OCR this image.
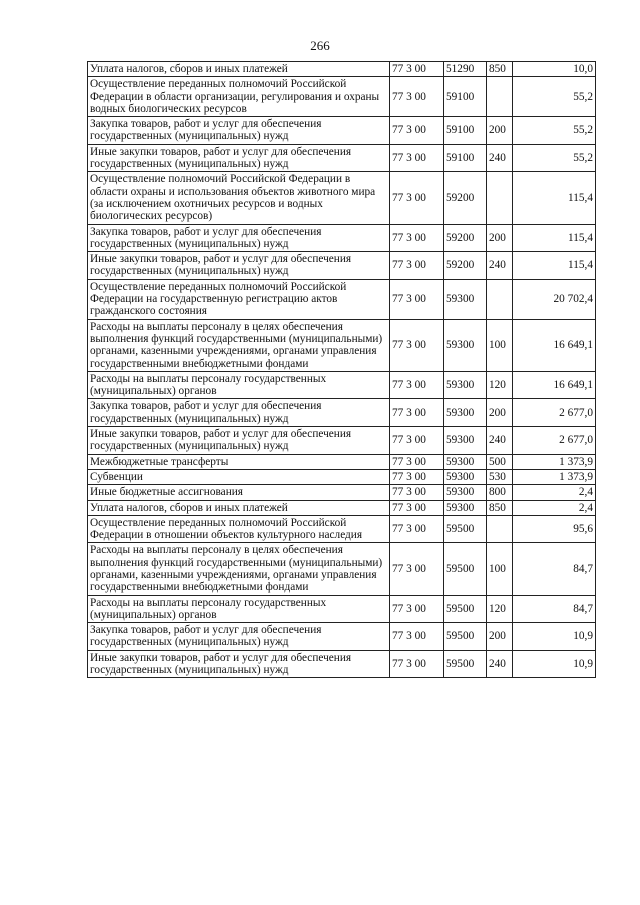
266
Уплата налогов, сборов и иных платежей	77 3 00	51290	850	10,0
Осуществление переданных полномочий Российской Федерации в области организации, регулирования и охраны водных биологических ресурсов	77 3 00	59100		55,2
Закупка товаров, работ и услуг для обеспечения государственных (муниципальных) нужд	77 3 00	59100	200	55,2
Иные закупки товаров, работ и услуг для обеспечения государственных (муниципальных) нужд	77 3 00	59100	240	55,2
Осуществление полномочий Российской Федерации в области охраны и использования объектов животного мира (за исключением охотничьих ресурсов и водных биологических ресурсов)	77 3 00	59200		115,4
Закупка товаров, работ и услуг для обеспечения государственных (муниципальных) нужд	77 3 00	59200	200	115,4
Иные закупки товаров, работ и услуг для обеспечения государственных (муниципальных) нужд	77 3 00	59200	240	115,4
Осуществление переданных полномочий Российской Федерации на государственную регистрацию актов гражданского состояния	77 3 00	59300		20 702,4
Расходы на выплаты персоналу в целях обеспечения выполнения функций государственными (муниципальными) органами, казенными учреждениями, органами управления государственными внебюджетными фондами	77 3 00	59300	100	16 649,1
Расходы на выплаты персоналу государственных (муниципальных) органов	77 3 00	59300	120	16 649,1
Закупка товаров, работ и услуг для обеспечения государственных (муниципальных) нужд	77 3 00	59300	200	2 677,0
Иные закупки товаров, работ и услуг для обеспечения государственных (муниципальных) нужд	77 3 00	59300	240	2 677,0
Межбюджетные трансферты	77 3 00	59300	500	1 373,9
Субвенции	77 3 00	59300	530	1 373,9
Иные бюджетные ассигнования	77 3 00	59300	800	2,4
Уплата налогов, сборов и иных платежей	77 3 00	59300	850	2,4
Осуществление переданных полномочий Российской Федерации в отношении объектов культурного наследия	77 3 00	59500		95,6
Расходы на выплаты персоналу в целях обеспечения выполнения функций государственными (муниципальными) органами, казенными учреждениями, органами управления государственными внебюджетными фондами	77 3 00	59500	100	84,7
Расходы на выплаты персоналу государственных (муниципальных) органов	77 3 00	59500	120	84,7
Закупка товаров, работ и услуг для обеспечения государственных (муниципальных) нужд	77 3 00	59500	200	10,9
Иные закупки товаров, работ и услуг для обеспечения государственных (муниципальных) нужд	77 3 00	59500	240	10,9
